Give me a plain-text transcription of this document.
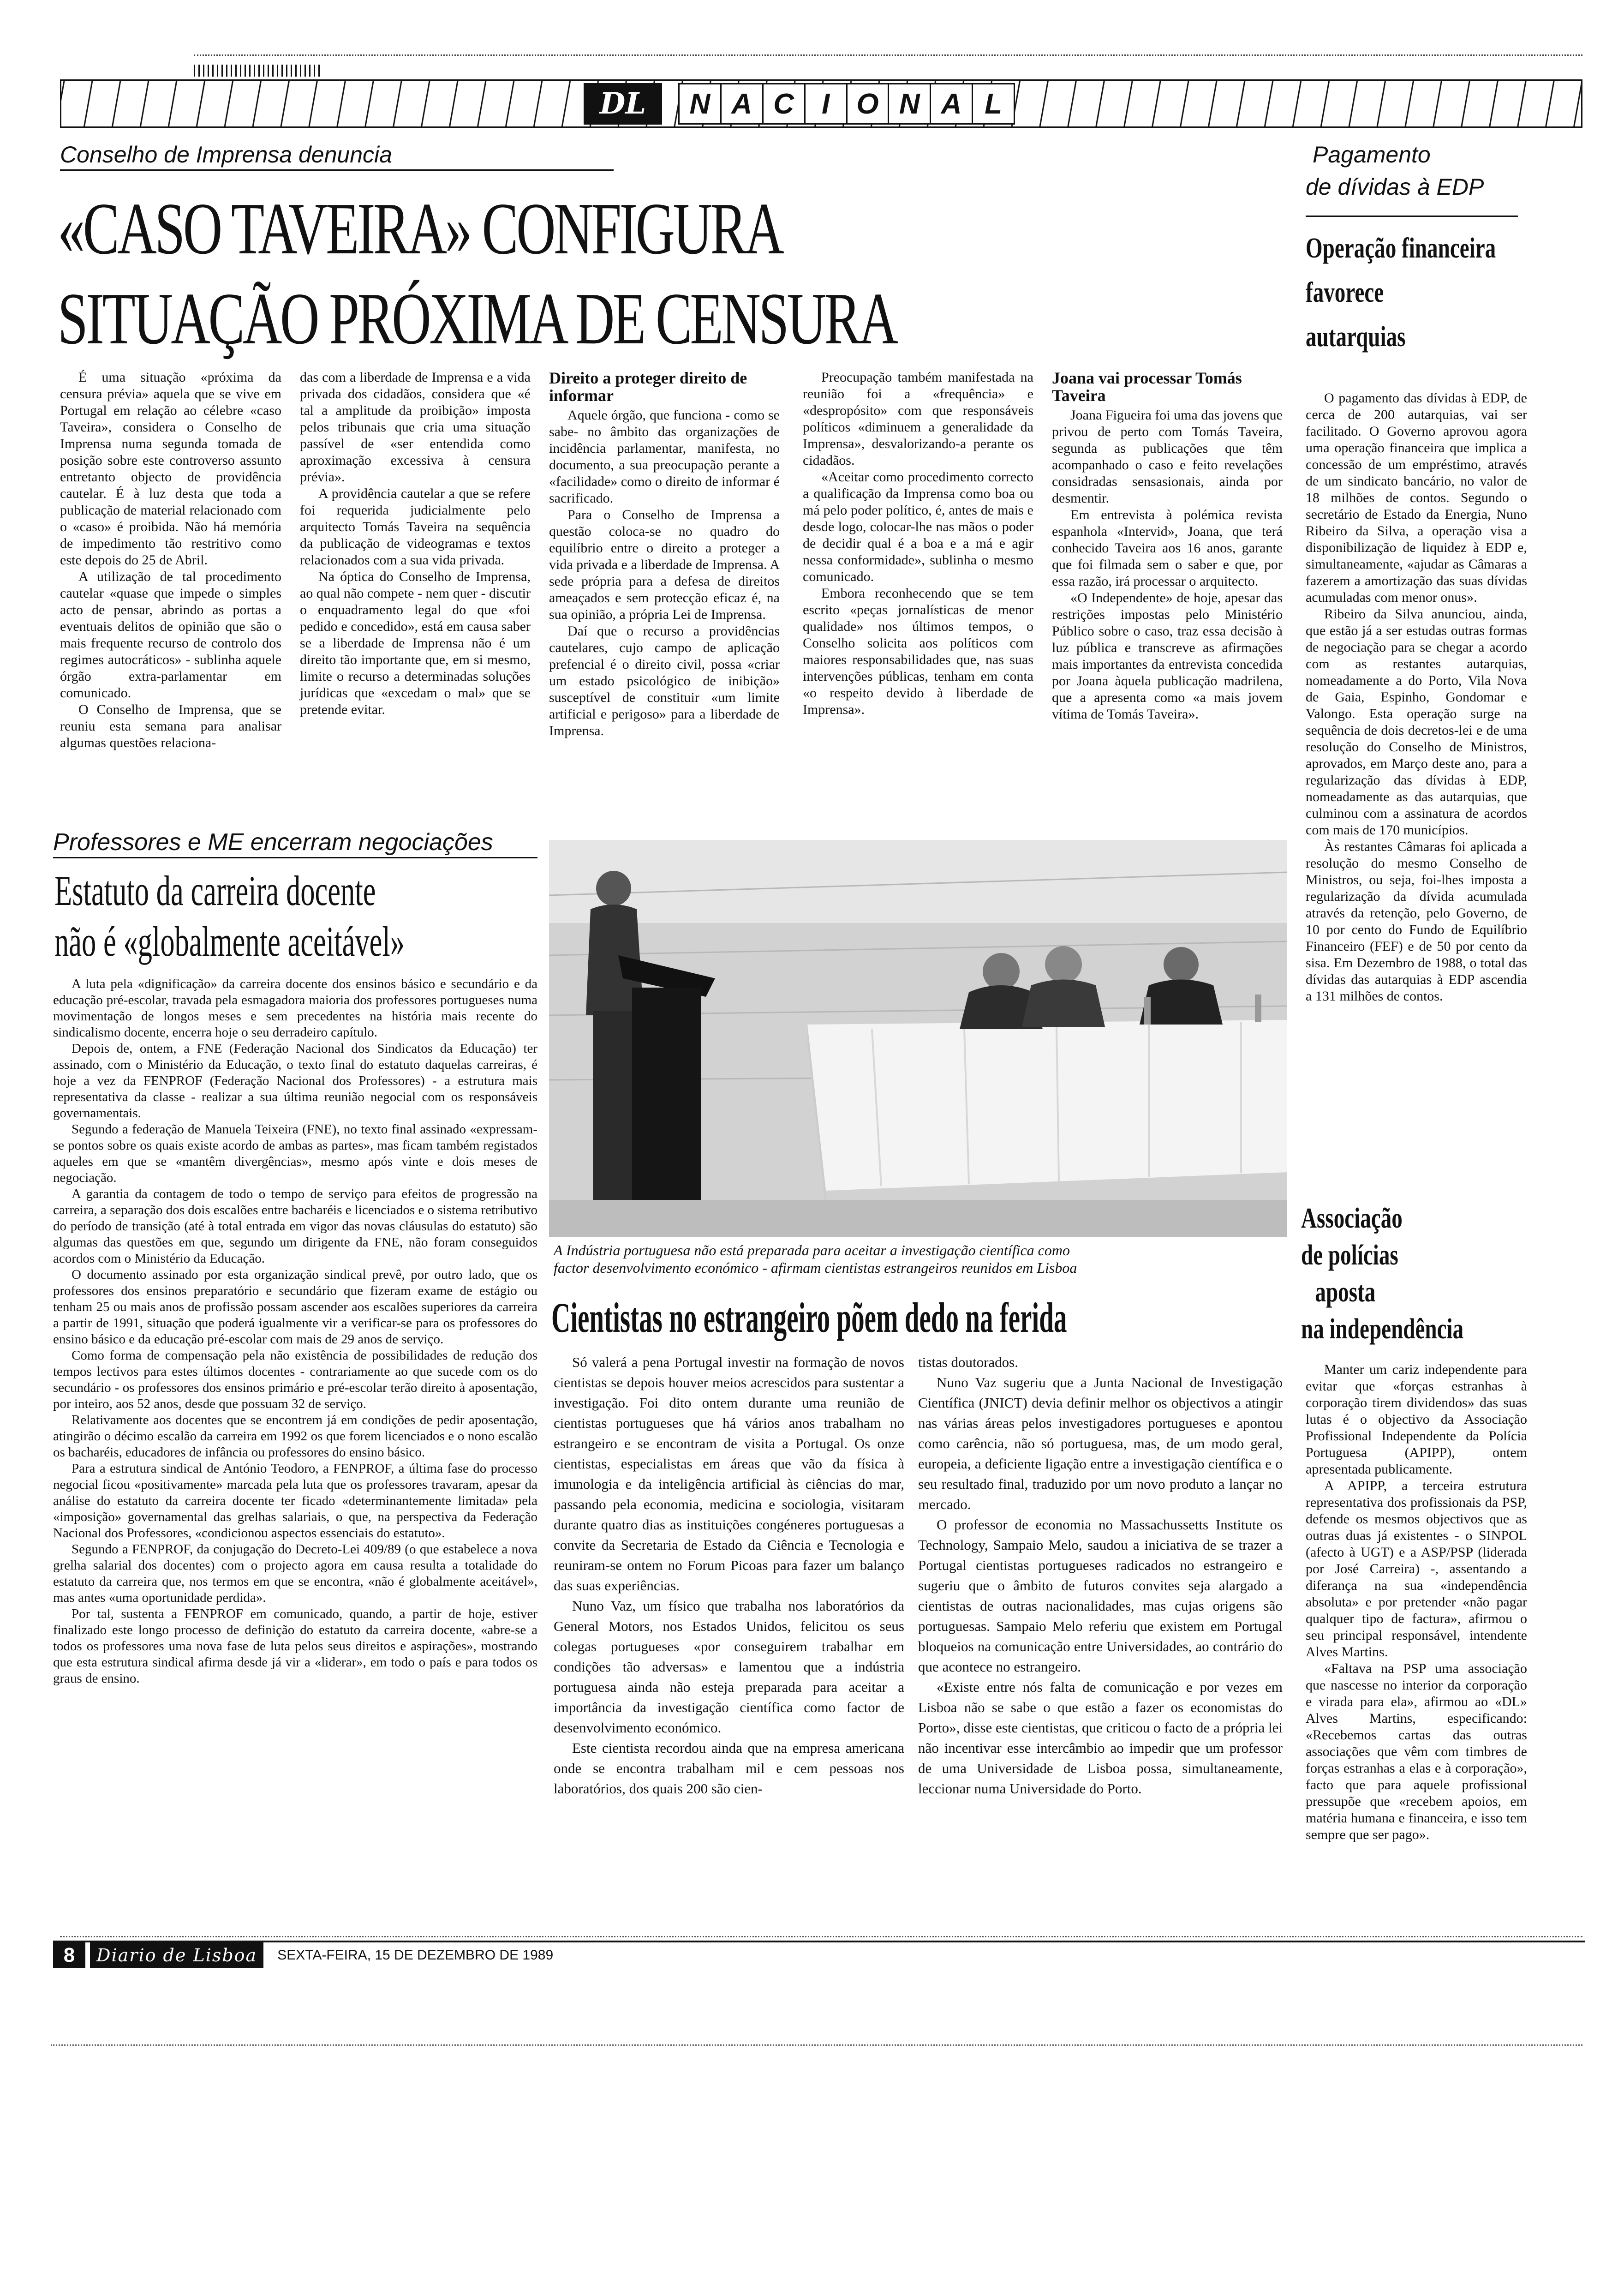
DL	N A C I O N A L
Conselho de Imprensa denuncia
«CASO TAVEIRA» CONFIGURA
SITUAÇÃO PRÓXIMA DE CENSURA

É uma situação «próxima da censura prévia» aquela que se vive em Portugal em relação ao célebre «caso Taveira», considera o Conselho de Imprensa numa segunda tomada de posição sobre este controverso assunto entretanto objecto de providência cautelar. É à luz desta que toda a publicação de material relacionado com o «caso» é proibida. Não há memória de impedimento tão restritivo como este depois do 25 de Abril.

A utilização de tal procedimento cautelar «quase que impede o simples acto de pensar, abrindo as portas a eventuais delitos de opinião que são o mais frequente recurso de controlo dos regimes autocráticos» - sublinha aquele órgão extra-parlamentar em comunicado.

O Conselho de Imprensa, que se reuniu esta semana para analisar algumas questões relaciona-

das com a liberdade de Imprensa e a vida privada dos cidadãos, considera que «é tal a amplitude da proibição» imposta pelos tribunais que cria uma situação passível de «ser entendida como aproximação excessiva à censura prévia».

A providência cautelar a que se refere foi requerida judicialmente pelo arquitecto Tomás Taveira na sequência da publicação de videogramas e textos relacionados com a sua vida privada.

Na óptica do Conselho de Imprensa, ao qual não compete - nem quer - discutir o enquadramento legal do que «foi pedido e concedido», está em causa saber se a liberdade de Imprensa não é um direito tão importante que, em si mesmo, limite o recurso a determinadas soluções jurídicas que «excedam o mal» que se pretende evitar.

Direito a proteger direito de informar

Aquele órgão, que funciona - como se sabe- no âmbito das organizações de incidência parlamentar, manifesta, no documento, a sua preocupação perante a «facilidade» como o direito de informar é sacrificado.

Para o Conselho de Imprensa a questão coloca-se no quadro do equilíbrio entre o direito a proteger a vida privada e a liberdade de Imprensa. A sede própria para a defesa de direitos ameaçados e sem protecção eficaz é, na sua opinião, a própria Lei de Imprensa.

Daí que o recurso a providências cautelares, cujo campo de aplicação prefencial é o direito civil, possa «criar um estado psicológico de inibição» susceptível de constituir «um limite artificial e perigoso» para a liberdade de Imprensa.

Preocupação também manifestada na reunião foi a «frequência» e «despropósito» com que responsáveis políticos «diminuem a generalidade da Imprensa», desvalorizando-a perante os cidadãos.

«Aceitar como procedimento correcto a qualificação da Imprensa como boa ou má pelo poder político, é, antes de mais e desde logo, colocar-lhe nas mãos o poder de decidir qual é a boa e a má e agir nessa conformidade», sublinha o mesmo comunicado.

Embora reconhecendo que se tem escrito «peças jornalísticas de menor qualidade» nos últimos tempos, o Conselho solicita aos políticos com maiores responsabilidades que, nas suas intervenções públicas, tenham em conta «o respeito devido à liberdade de Imprensa».

Joana vai processar Tomás Taveira

Joana Figueira foi uma das jovens que privou de perto com Tomás Taveira, segunda as publicações que têm acompanhado o caso e feito revelações considradas sensasionais, ainda por desmentir.

Em entrevista à polémica revista espanhola «Intervid», Joana, que terá conhecido Taveira aos 16 anos, garante que foi filmada sem o saber e que, por essa razão, irá processar o arquitecto.

«O Independente» de hoje, apesar das restrições impostas pelo Ministério Público sobre o caso, traz essa decisão à luz pública e transcreve as afirmações mais importantes da entrevista concedida por Joana àquela publicação madrilena, que a apresenta como «a mais jovem vítima de Tomás Taveira».

Pagamento
de dívidas à EDP
Operação financeira
favorece
autarquias

O pagamento das dívidas à EDP, de cerca de 200 autarquias, vai ser facilitado. O Governo aprovou agora uma operação financeira que implica a concessão de um empréstimo, através de um sindicato bancário, no valor de 18 milhões de contos. Segundo o secretário de Estado da Energia, Nuno Ribeiro da Silva, a operação visa a disponibilização de liquidez à EDP e, simultaneamente, «ajudar as Câmaras a fazerem a amortização das suas dívidas acumuladas com menor onus».

Ribeiro da Silva anunciou, ainda, que estão já a ser estudas outras formas de negociação para se chegar a acordo com as restantes autarquias, nomeadamente a do Porto, Vila Nova de Gaia, Espinho, Gondomar e Valongo. Esta operação surge na sequência de dois decretos-lei e de uma resolução do Conselho de Ministros, aprovados, em Março deste ano, para a regularização das dívidas à EDP, nomeadamente as das autarquias, que culminou com a assinatura de acordos com mais de 170 municípios.

Às restantes Câmaras foi aplicada a resolução do mesmo Conselho de Ministros, ou seja, foi-lhes imposta a regularização da dívida acumulada através da retenção, pelo Governo, de 10 por cento do Fundo de Equilíbrio Financeiro (FEF) e de 50 por cento da sisa. Em Dezembro de 1988, o total das dívidas das autarquias à EDP ascendia a 131 milhões de contos.

Associação
de polícias
aposta
na independência

Manter um cariz independente para evitar que «forças estranhas à corporação tirem dividendos» das suas lutas é o objectivo da Associação Profissional Independente da Polícia Portuguesa (APIPP), ontem apresentada publicamente.

A APIPP, a terceira estrutura representativa dos profissionais da PSP, defende os mesmos objectivos que as outras duas já existentes - o SINPOL (afecto à UGT) e a ASP/PSP (liderada por José Carreira) -, assentando a diferança na sua «independência absoluta» e por pretender «não pagar qualquer tipo de factura», afirmou o seu principal responsável, intendente Alves Martins.

«Faltava na PSP uma associação que nascesse no interior da corporação e virada para ela», afirmou ao «DL» Alves Martins, especificando: «Recebemos cartas das outras associações que vêm com timbres de forças estranhas a elas e à corporação», facto que para aquele profissional pressupõe que «recebem apoios, em matéria humana e financeira, e isso tem sempre que ser pago».

Professores e ME encerram negociações
Estatuto da carreira docente
não é «globalmente aceitável»

A luta pela «dignificação» da carreira docente dos ensinos básico e secundário e da educação pré-escolar, travada pela esmagadora maioria dos professores portugueses numa movimentação de longos meses e sem precedentes na história mais recente do sindicalismo docente, encerra hoje o seu derradeiro capítulo.

Depois de, ontem, a FNE (Federação Nacional dos Sindicatos da Educação) ter assinado, com o Ministério da Educação, o texto final do estatuto daquelas carreiras, é hoje a vez da FENPROF (Federação Nacional dos Professores) - a estrutura mais representativa da classe - realizar a sua última reunião negocial com os responsáveis governamentais.

Segundo a federação de Manuela Teixeira (FNE), no texto final assinado «expressam-se pontos sobre os quais existe acordo de ambas as partes», mas ficam também registados aqueles em que se «mantêm divergências», mesmo após vinte e dois meses de negociação.

A garantia da contagem de todo o tempo de serviço para efeitos de progressão na carreira, a separação dos dois escalões entre bacharéis e licenciados e o sistema retributivo do período de transição (até à total entrada em vigor das novas cláusulas do estatuto) são algumas das questões em que, segundo um dirigente da FNE, não foram conseguidos acordos com o Ministério da Educação.

O documento assinado por esta organização sindical prevê, por outro lado, que os professores dos ensinos preparatório e secundário que fizeram exame de estágio ou tenham 25 ou mais anos de profissão possam ascender aos escalões superiores da carreira a partir de 1991, situação que poderá igualmente vir a verificar-se para os professores do ensino básico e da educação pré-escolar com mais de 29 anos de serviço.

Como forma de compensação pela não existência de possibilidades de redução dos tempos lectivos para estes últimos docentes - contrariamente ao que sucede com os do secundário - os professores dos ensinos primário e pré-escolar terão direito à aposentação, por inteiro, aos 52 anos, desde que possuam 32 de serviço.

Relativamente aos docentes que se encontrem já em condições de pedir aposentação, atingirão o décimo escalão da carreira em 1992 os que forem licenciados e o nono escalão os bacharéis, educadores de infância ou professores do ensino básico.

Para a estrutura sindical de António Teodoro, a FENPROF, a última fase do processo negocial ficou «positivamente» marcada pela luta que os professores travaram, apesar da análise do estatuto da carreira docente ter ficado «determinantemente limitada» pela «imposição» governamental das grelhas salariais, o que, na perspectiva da Federação Nacional dos Professores, «condicionou aspectos essenciais do estatuto».

Segundo a FENPROF, da conjugação do Decreto-Lei 409/89 (o que estabelece a nova grelha salarial dos docentes) com o projecto agora em causa resulta a totalidade do estatuto da carreira que, nos termos em que se encontra, «não é globalmente aceitável», mas antes «uma oportunidade perdida».

Por tal, sustenta a FENPROF em comunicado, quando, a partir de hoje, estiver finalizado este longo processo de definição do estatuto da carreira docente, «abre-se a todos os professores uma nova fase de luta pelos seus direitos e aspirações», mostrando que esta estrutura sindical afirma desde já vir a «liderar», em todo o país e para todos os graus de ensino.

A Indústria portuguesa não está preparada para aceitar a investigação científica como
factor desenvolvimento económico - afirmam cientistas estrangeiros reunidos em Lisboa
Cientistas no estrangeiro põem dedo na ferida

Só valerá a pena Portugal investir na formação de novos cientistas se depois houver meios acrescidos para sustentar a investigação. Foi dito ontem durante uma reunião de cientistas portugueses que há vários anos trabalham no estrangeiro e se encontram de visita a Portugal. Os onze cientistas, especialistas em áreas que vão da física à imunologia e da inteligência artificial às ciências do mar, passando pela economia, medicina e sociologia, visitaram durante quatro dias as instituições congéneres portuguesas a convite da Secretaria de Estado da Ciência e Tecnologia e reuniram-se ontem no Forum Picoas para fazer um balanço das suas experiências.

Nuno Vaz, um físico que trabalha nos laboratórios da General Motors, nos Estados Unidos, felicitou os seus colegas portugueses «por conseguirem trabalhar em condições tão adversas» e lamentou que a indústria portuguesa ainda não esteja preparada para aceitar a importância da investigação científica como factor de desenvolvimento económico.

Este cientista recordou ainda que na empresa americana onde se encontra trabalham mil e cem pessoas nos laboratórios, dos quais 200 são cien-

tistas doutorados.

Nuno Vaz sugeriu que a Junta Nacional de Investigação Científica (JNICT) devia definir melhor os objectivos a atingir nas várias áreas pelos investigadores portugueses e apontou como carência, não só portuguesa, mas, de um modo geral, europeia, a deficiente ligação entre a investigação científica e o seu resultado final, traduzido por um novo produto a lançar no mercado.

O professor de economia no Massachussetts Institute os Technology, Sampaio Melo, saudou a iniciativa de se trazer a Portugal cientistas portugueses radicados no estrangeiro e sugeriu que o âmbito de futuros convites seja alargado a cientistas de outras nacionalidades, mas cujas origens são portuguesas. Sampaio Melo referiu que existem em Portugal bloqueios na comunicação entre Universidades, ao contrário do que acontece no estrangeiro.

«Existe entre nós falta de comunicação e por vezes em Lisboa não se sabe o que estão a fazer os economistas do Porto», disse este cientistas, que criticou o facto de a própria lei não incentivar esse intercâmbio ao impedir que um professor de uma Universidade de Lisboa possa, simultaneamente, leccionar numa Universidade do Porto.

8	Diario de Lisboa	SEXTA-FEIRA, 15 DE DEZEMBRO DE 1989
